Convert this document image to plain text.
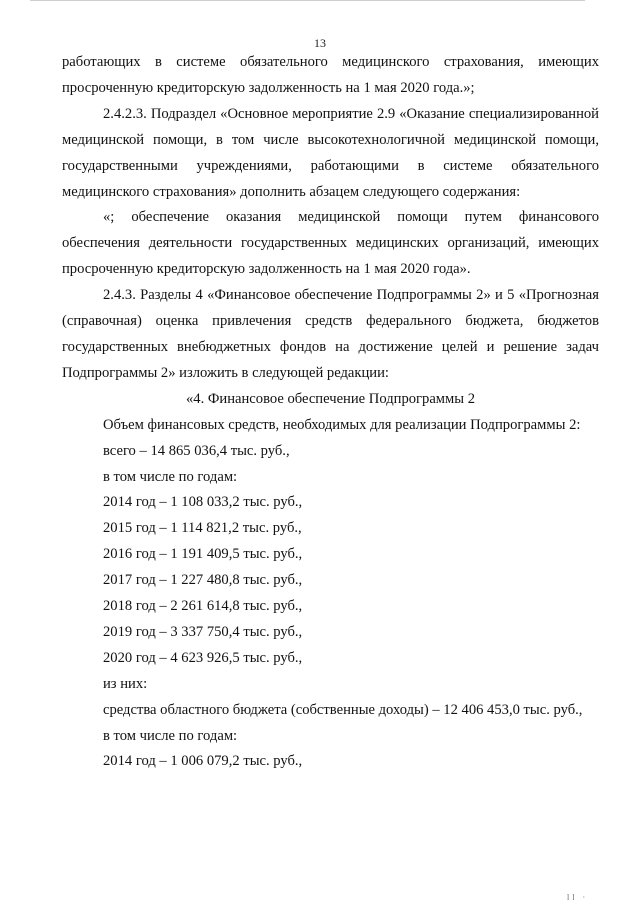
13

работающих в системе обязательного медицинского страхования, имеющих просроченную кредиторскую задолженность на 1 мая 2020 года.»;

2.4.2.3. Подраздел «Основное мероприятие 2.9 «Оказание специализированной медицинской помощи, в том числе высокотехнологичной медицинской помощи, государственными учреждениями, работающими в системе обязательного медицинского страхования» дополнить абзацем следующего содержания:

«; обеспечение оказания медицинской помощи путем финансового обеспечения деятельности государственных медицинских организаций, имеющих просроченную кредиторскую задолженность на 1 мая 2020 года».

2.4.3. Разделы 4 «Финансовое обеспечение Подпрограммы 2» и 5 «Прогнозная (справочная) оценка привлечения средств федерального бюджета, бюджетов государственных внебюджетных фондов на достижение целей и решение задач Подпрограммы 2» изложить в следующей редакции:

«4. Финансовое обеспечение Подпрограммы 2

Объем финансовых средств, необходимых для реализации Подпрограммы 2:

всего – 14 865 036,4 тыс. руб.,
в том числе по годам:
2014 год – 1 108 033,2 тыс. руб.,
2015 год – 1 114 821,2 тыс. руб.,
2016 год – 1 191 409,5 тыс. руб.,
2017 год – 1 227 480,8 тыс. руб.,
2018 год – 2 261 614,8 тыс. руб.,
2019 год – 3 337 750,4 тыс. руб.,
2020 год – 4 623 926,5 тыс. руб.,
из них:

средства областного бюджета (собственные доходы) – 12 406 453,0 тыс. руб.,

в том числе по годам:
2014 год – 1 006 079,2 тыс. руб.,
ll ·
